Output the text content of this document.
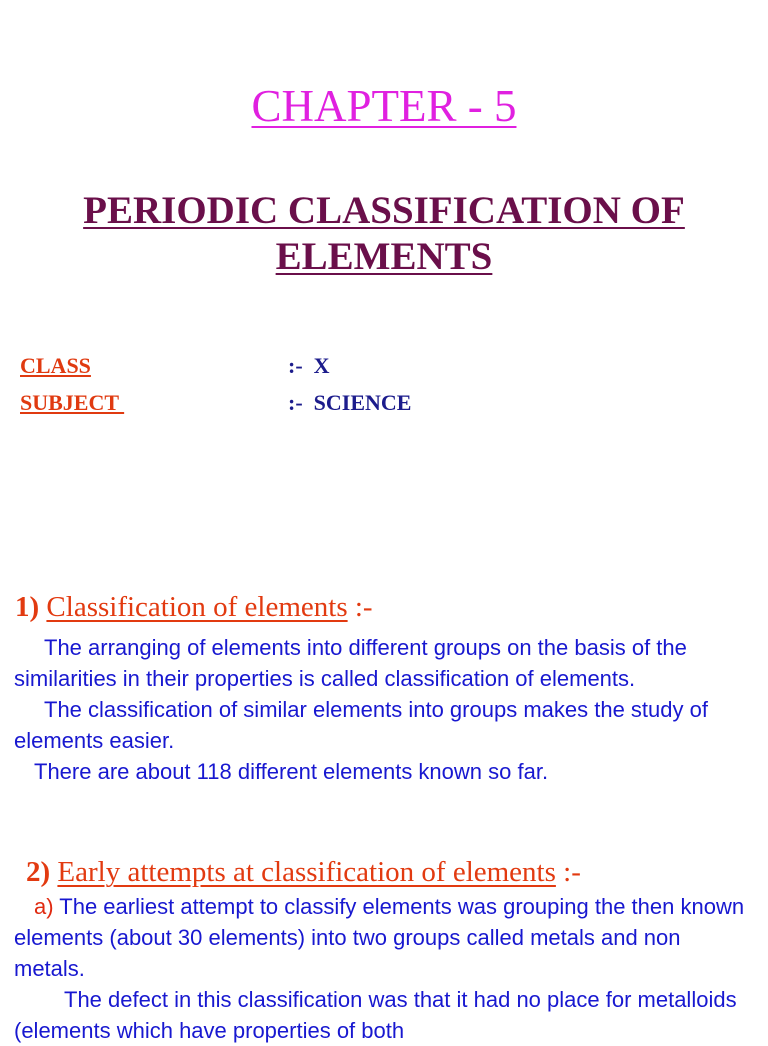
CHAPTER - 5
PERIODIC CLASSIFICATION OF
ELEMENTS
CLASS	:-  X
SUBJECT	:-  SCIENCE
1) Classification of elements :-

The arranging of elements into different groups on the basis of the similarities in their properties is called classification of elements.

The classification of similar elements into groups makes the study of elements easier.

There are about 118 different elements known so far.

2) Early attempts at classification of elements :-

a) The earliest attempt to classify elements was grouping the then known elements (about 30 elements) into two groups called metals and non metals.

The defect in this classification was that it had no place for metalloids (elements which have properties of both
